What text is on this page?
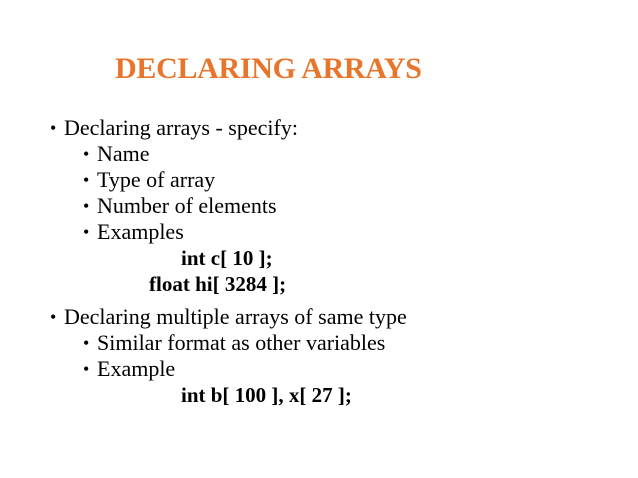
DECLARING ARRAYS
• Declaring arrays - specify:
• Name
• Type of array
• Number of elements
• Examples
int c[ 10 ];
float hi[ 3284 ];
• Declaring multiple arrays of same type
• Similar format as other variables
• Example
int b[ 100 ], x[ 27 ];
